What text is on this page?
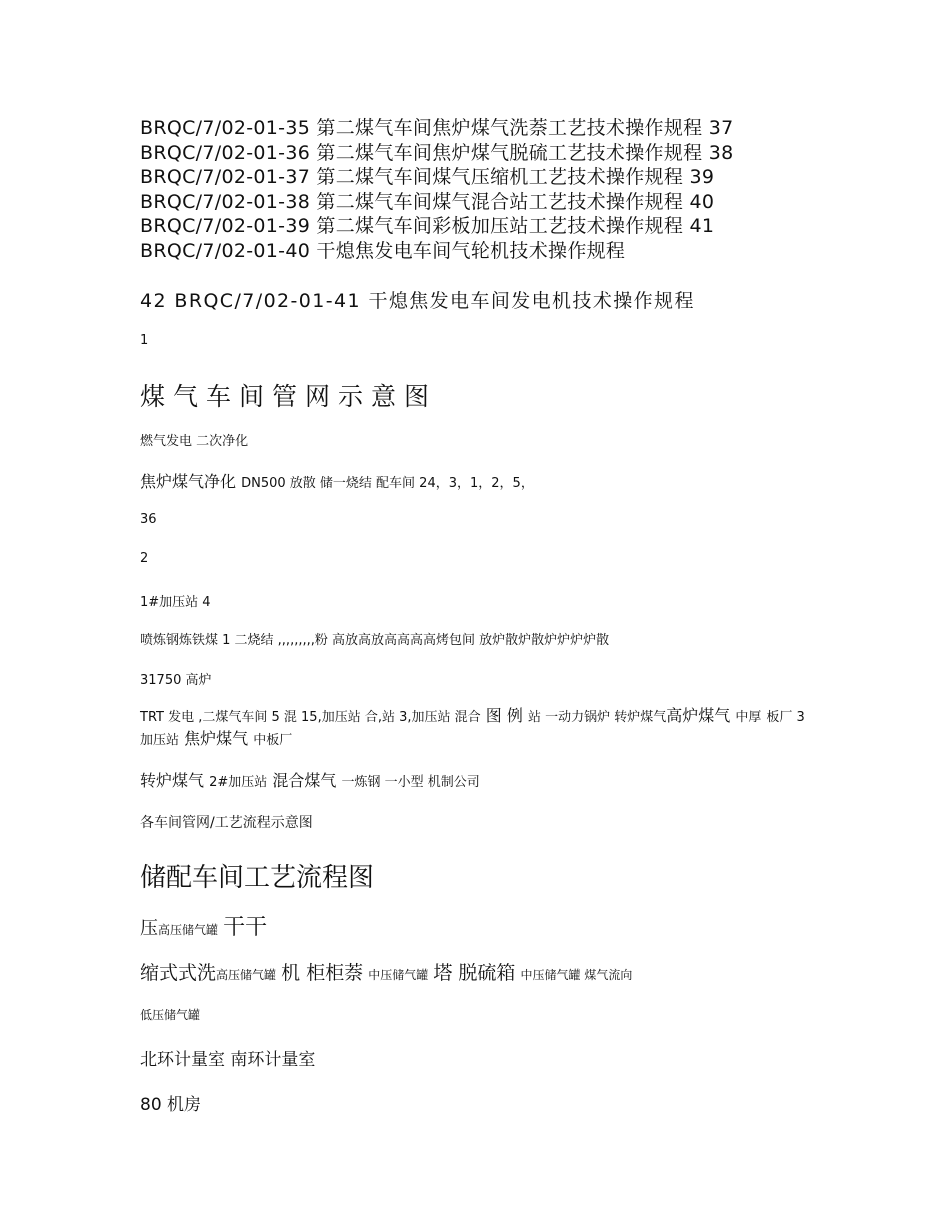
BRQC/7/02-01-35 第二煤气车间焦炉煤气洗萘工艺技术操作规程 37
BRQC/7/02-01-36 第二煤气车间焦炉煤气脱硫工艺技术操作规程 38
BRQC/7/02-01-37 第二煤气车间煤气压缩机工艺技术操作规程 39
BRQC/7/02-01-38 第二煤气车间煤气混合站工艺技术操作规程 40
BRQC/7/02-01-39 第二煤气车间彩板加压站工艺技术操作规程 41
BRQC/7/02-01-40 干熄焦发电车间气轮机技术操作规程
42 BRQC/7/02-01-41 干熄焦发电车间发电机技术操作规程
1
煤气车间管网示意图
燃气发电 二次净化
焦炉煤气净化 DN500 放散 储一烧结 配车间 24，3，1，2，5，
36
2
1#加压站 4
喷炼钢炼铁煤 1 二烧结 ,,,,,,,,,粉 高放高放高高高高烤包间 放炉散炉散炉炉炉炉散
31750 高炉
TRT 发电 ,二煤气车间 5 混 15,加压站 合,站 3,加压站 混合 图 例 站 一动力锅炉 转炉煤气高炉煤气 中厚 板厂 3 加压站 焦炉煤气 中板厂
转炉煤气 2#加压站 混合煤气 一炼钢 一小型 机制公司
各车间管网/工艺流程示意图
储配车间工艺流程图
压高压储气罐 干干
缩式式洗高压储气罐 机 柜柜萘 中压储气罐 塔 脱硫箱 中压储气罐 煤气流向
低压储气罐
北环计量室 南环计量室
80 机房
